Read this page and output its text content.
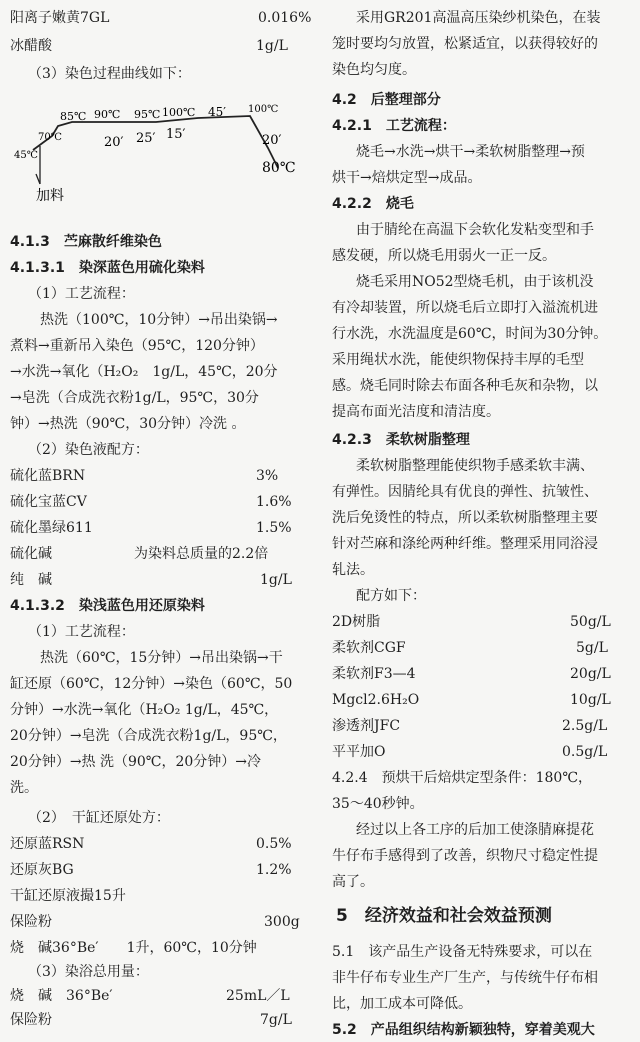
45℃
70℃
85℃ 90℃ 95℃ 100℃ 45′ 100℃
20′ 25′ 15′	20′
80℃
加料
阳离子嫩黄7GL	0.016%
冰醋酸	1g/L
（3）染色过程曲线如下：
4.1.3　苎麻散纤维染色
4.1.3.1　染深蓝色用硫化染料
（1）工艺流程：
热洗（100℃，10分钟）→吊出染锅→
煮料→重新吊入染色（95℃，120分钟）
→水洗→氧化（H₂O₂　1g/L，45℃，20分
→皂洗（合成洗衣粉1g/L，95℃，30分
钟）→热洗（90℃，30分钟）冷洗 。
（2）染色液配方：
硫化蓝BRN	3%
硫化宝蓝CV	1.6%
硫化墨绿611	1.5%
硫化碱	为染料总质量的2.2倍
纯　碱	1g/L
4.1.3.2　染浅蓝色用还原染料
（1）工艺流程：
热洗（60℃，15分钟）→吊出染锅→干
缸还原（60℃，12分钟）→染色（60℃，50
分钟）→水洗→氧化（H₂O₂ 1g/L，45℃，
20分钟）→皂洗（合成洗衣粉1g/L，95℃，
20分钟）→热 洗（90℃，20分钟）→冷
洗。
（2）　干缸还原处方：
还原蓝RSN	0.5%
还原灰BG	1.2%
干缸还原液撮15升
保险粉	300g
烧　碱36°Be′　　1升，60℃，10分钟
（3）染浴总用量：
烧　碱　36°Be′	25mL／L
保险粉	7g/L
采用GR201高温高压染纱机染色，在装
笼时要均匀放置，松紧适宜，以获得较好的
染色均匀度。
4.2　后整理部分
4.2.1　工艺流程：
烧毛→水洗→烘干→柔软树脂整理→预
烘干→焙烘定型→成品。
4.2.2　烧毛
由于腈纶在高温下会软化发粘变型和手
感发硬，所以烧毛用弱火一正一反。
烧毛采用NO52型烧毛机，由于该机没
有冷却装置，所以烧毛后立即打入溢流机进
行水洗，水洗温度是60℃，时间为30分钟。
采用绳状水洗，能使织物保持丰厚的毛型
感。烧毛同时除去布面各种毛灰和杂物，以
提高布面光洁度和清洁度。
4.2.3　柔软树脂整理
柔软树脂整理能使织物手感柔软丰满、
有弹性。因腈纶具有优良的弹性、抗皱性、
洗后免烫性的特点，所以柔软树脂整理主要
针对苎麻和涤纶两种纤维。整理采用同浴浸
轧法。
配方如下：
2D树脂	50g/L
柔软剂CGF	5g/L
柔软剂F3—4	20g/L
Mgcl2.6H₂O	10g/L
渗透剂JFC	2.5g/L
平平加O	0.5g/L
4.2.4　预烘干后焙烘定型条件：180℃，
35～40秒钟。
经过以上各工序的后加工使涤腈麻提花
牛仔布手感得到了改善，织物尺寸稳定性提
高了。
5　经济效益和社会效益预测
5.1　该产品生产设备无特殊要求，可以在
非牛仔布专业生产厂生产，与传统牛仔布相
比，加工成本可降低。
5.2　产品组织结构新颖独特，穿着美观大
